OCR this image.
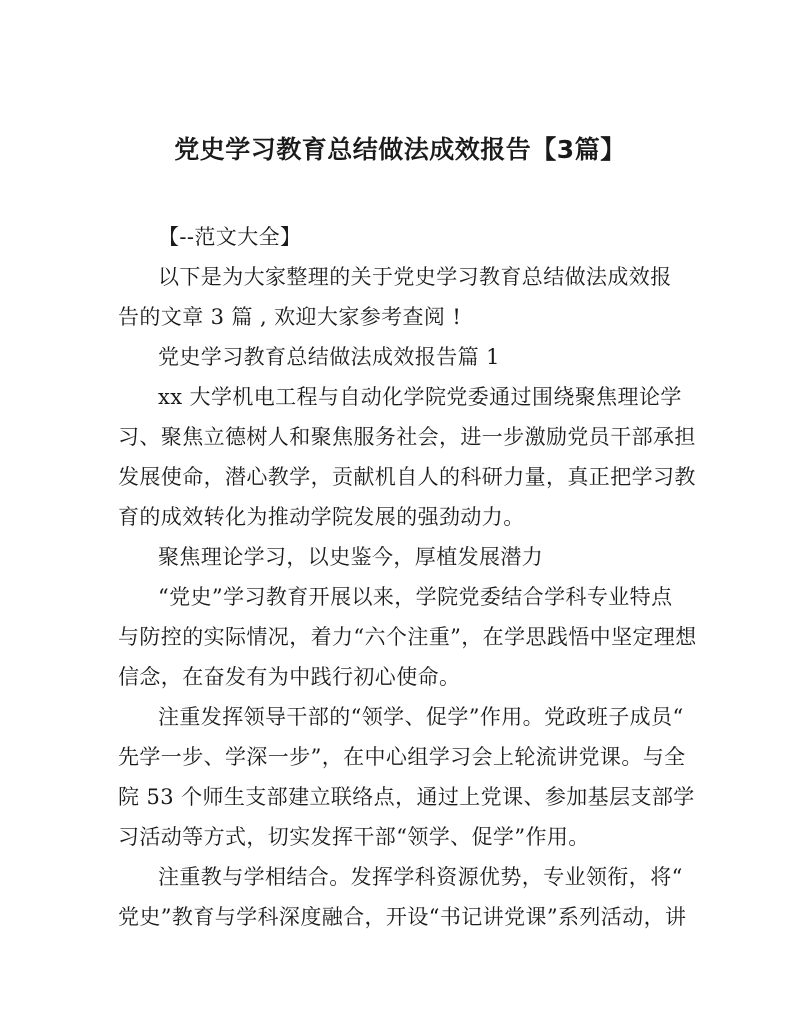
党史学习教育总结做法成效报告【3篇】
【--范文大全】
以下是为大家整理的关于党史学习教育总结做法成效报
告的文章 3 篇 , 欢迎大家参考查阅 !
党史学习教育总结做法成效报告篇 1
xx 大学机电工程与自动化学院党委通过围绕聚焦理论学
习、聚焦立德树人和聚焦服务社会，进一步激励党员干部承担
发展使命，潜心教学，贡献机自人的科研力量，真正把学习教
育的成效转化为推动学院发展的强劲动力。
聚焦理论学习，以史鉴今，厚植发展潜力
“党史”学习教育开展以来，学院党委结合学科专业特点
与防控的实际情况，着力“六个注重”，在学思践悟中坚定理想
信念，在奋发有为中践行初心使命。
注重发挥领导干部的“领学、促学”作用。党政班子成员“
先学一步、学深一步”，在中心组学习会上轮流讲党课。与全
院 53 个师生支部建立联络点，通过上党课、参加基层支部学
习活动等方式，切实发挥干部“领学、促学”作用。
注重教与学相结合。发挥学科资源优势，专业领衔，将“
党史”教育与学科深度融合，开设“书记讲党课”系列活动，讲
